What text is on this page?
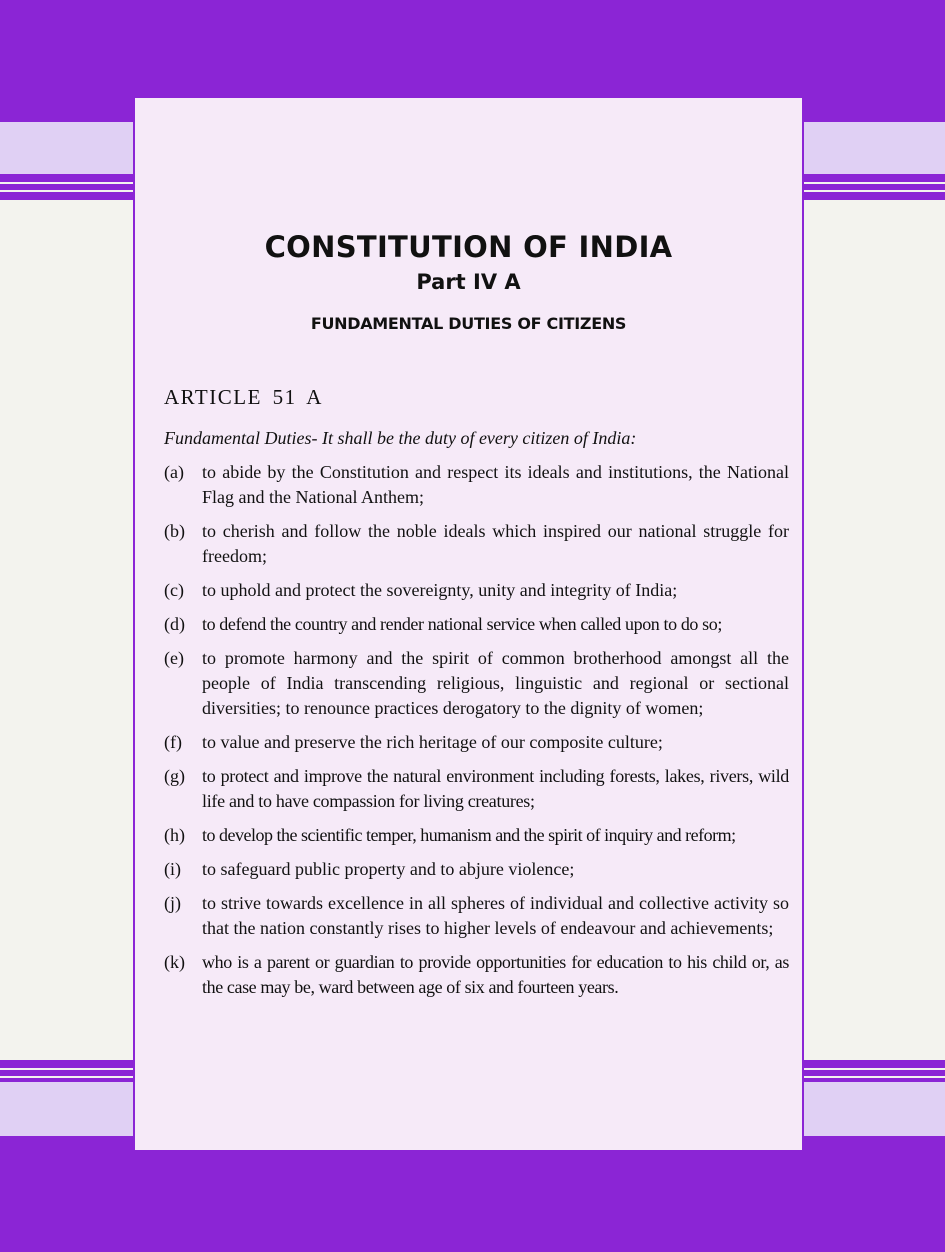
CONSTITUTION OF INDIA
Part IV A
FUNDAMENTAL DUTIES OF CITIZENS
ARTICLE 51 A
Fundamental Duties- It shall be the duty of every citizen of India:
(a)	to abide by the Constitution and respect its ideals and institutions, the National Flag and the National Anthem;
(b) to cherish and follow the noble ideals which inspired our national struggle for freedom;
(c)	to uphold and protect the sovereignty, unity and integrity of India;
(d) to defend the country and render national service when called upon to do so;
(e)	to promote harmony and the spirit of common brotherhood amongst all the people of India transcending religious, linguistic and regional or sectional diversities; to renounce practices derogatory to the dignity of women;
(f)	to value and preserve the rich heritage of our composite culture;
(g) to protect and improve the natural environment including forests, lakes, rivers, wild life and to have compassion for living creatures;
(h) to develop the scientific temper, humanism and the spirit of inquiry and reform;
(i)	to safeguard public property and to abjure violence;
(j)	to strive towards excellence in all spheres of individual and collective activity so that the nation constantly rises to higher levels of endeavour and achievements;
(k) who is a parent or guardian to provide opportunities for education to his child or, as the case may be, ward between age of six and fourteen years.
